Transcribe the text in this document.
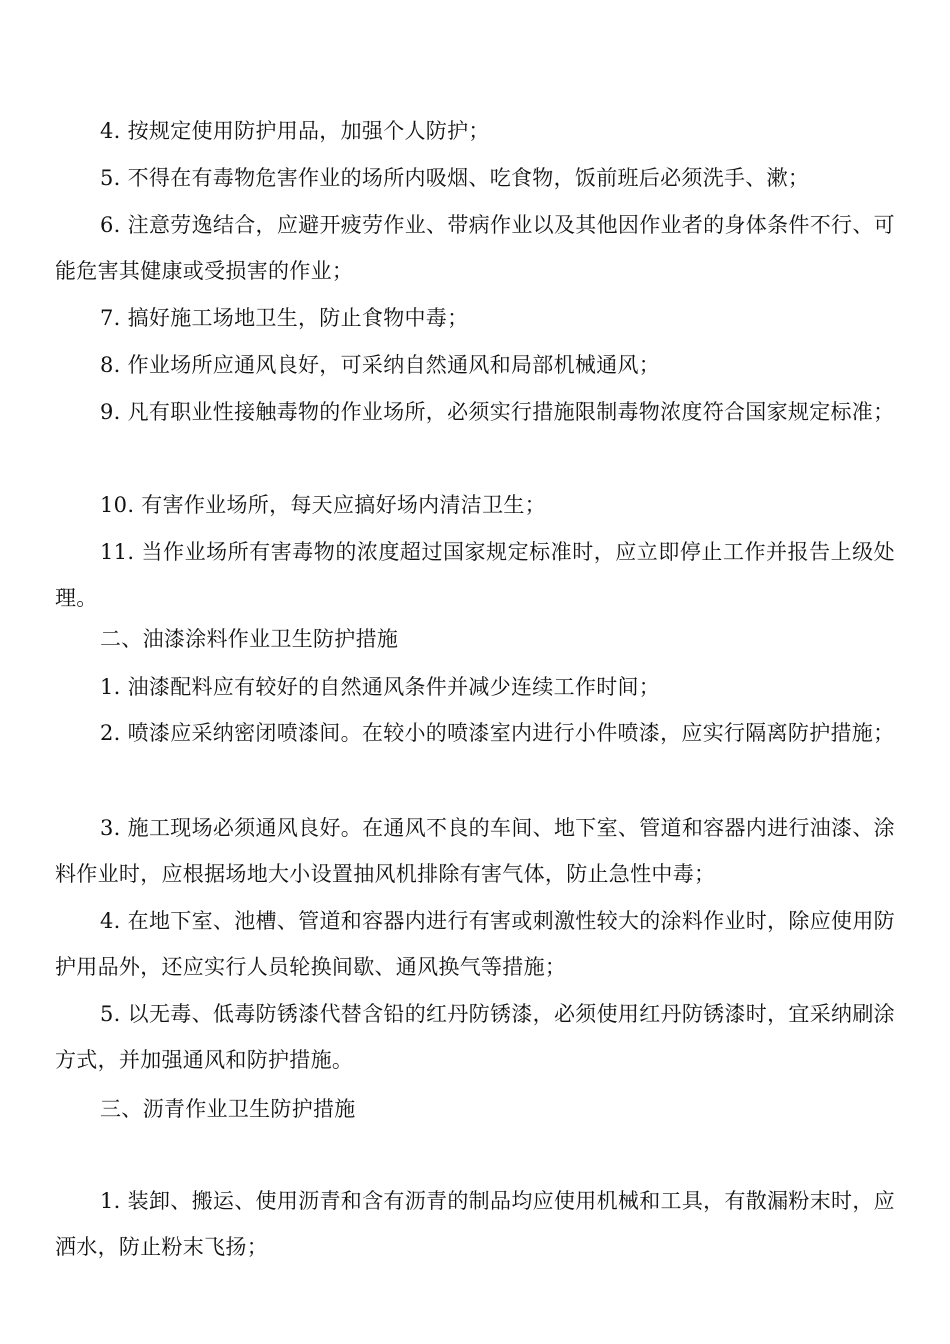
4. 按规定使用防护用品，加强个人防护；

5. 不得在有毒物危害作业的场所内吸烟、吃食物，饭前班后必须洗手、漱；

6. 注意劳逸结合，应避开疲劳作业、带病作业以及其他因作业者的身体条件不行、可能危害其健康或受损害的作业；

7. 搞好施工场地卫生，防止食物中毒；

8. 作业场所应通风良好，可采纳自然通风和局部机械通风；

9. 凡有职业性接触毒物的作业场所，必须实行措施限制毒物浓度符合国家规定标准；

10. 有害作业场所，每天应搞好场内清洁卫生；

11. 当作业场所有害毒物的浓度超过国家规定标准时，应立即停止工作并报告上级处理。

二、油漆涂料作业卫生防护措施

1. 油漆配料应有较好的自然通风条件并减少连续工作时间；

2. 喷漆应采纳密闭喷漆间。在较小的喷漆室内进行小件喷漆，应实行隔离防护措施；

3. 施工现场必须通风良好。在通风不良的车间、地下室、管道和容器内进行油漆、涂料作业时，应根据场地大小设置抽风机排除有害气体，防止急性中毒；

4. 在地下室、池槽、管道和容器内进行有害或刺激性较大的涂料作业时，除应使用防护用品外，还应实行人员轮换间歇、通风换气等措施；

5. 以无毒、低毒防锈漆代替含铅的红丹防锈漆，必须使用红丹防锈漆时，宜采纳刷涂方式，并加强通风和防护措施。

三、沥青作业卫生防护措施

1. 装卸、搬运、使用沥青和含有沥青的制品均应使用机械和工具，有散漏粉末时，应洒水，防止粉末飞扬；
